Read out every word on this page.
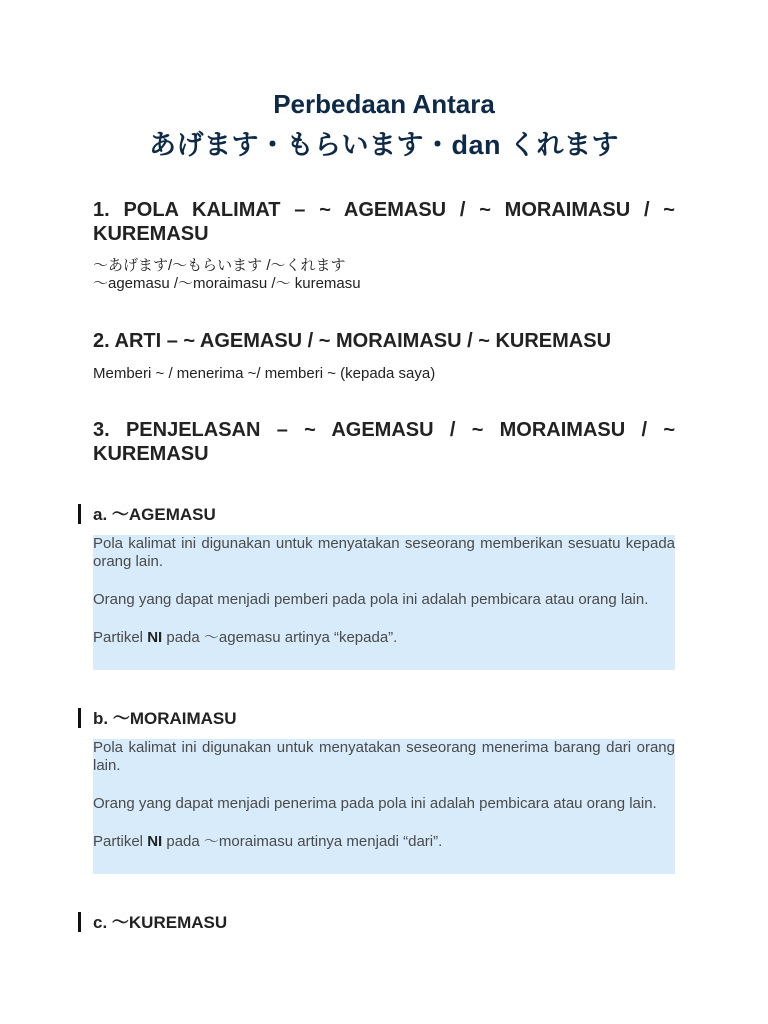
Perbedaan Antara
あげます・もらいます・dan くれます
1. POLA KALIMAT – ~ AGEMASU / ~ MORAIMASU / ~ KUREMASU
～あげます/～もらいます /～くれます
～agemasu /～moraimasu /～ kuremasu
2. ARTI – ~ AGEMASU / ~ MORAIMASU / ~ KUREMASU
Memberi ~ / menerima ~/ memberi ~ (kepada saya)
3. PENJELASAN – ~ AGEMASU / ~ MORAIMASU / ~ KUREMASU
a. ～AGEMASU

Pola kalimat ini digunakan untuk menyatakan seseorang memberikan sesuatu kepada orang lain.

Orang yang dapat menjadi pemberi pada pola ini adalah pembicara atau orang lain.

Partikel NI pada ～agemasu artinya “kepada”.

b. ～MORAIMASU

Pola kalimat ini digunakan untuk menyatakan seseorang menerima barang dari orang lain.

Orang yang dapat menjadi penerima pada pola ini adalah pembicara atau orang lain.

Partikel NI pada ～moraimasu artinya menjadi “dari”.

c. ～KUREMASU
